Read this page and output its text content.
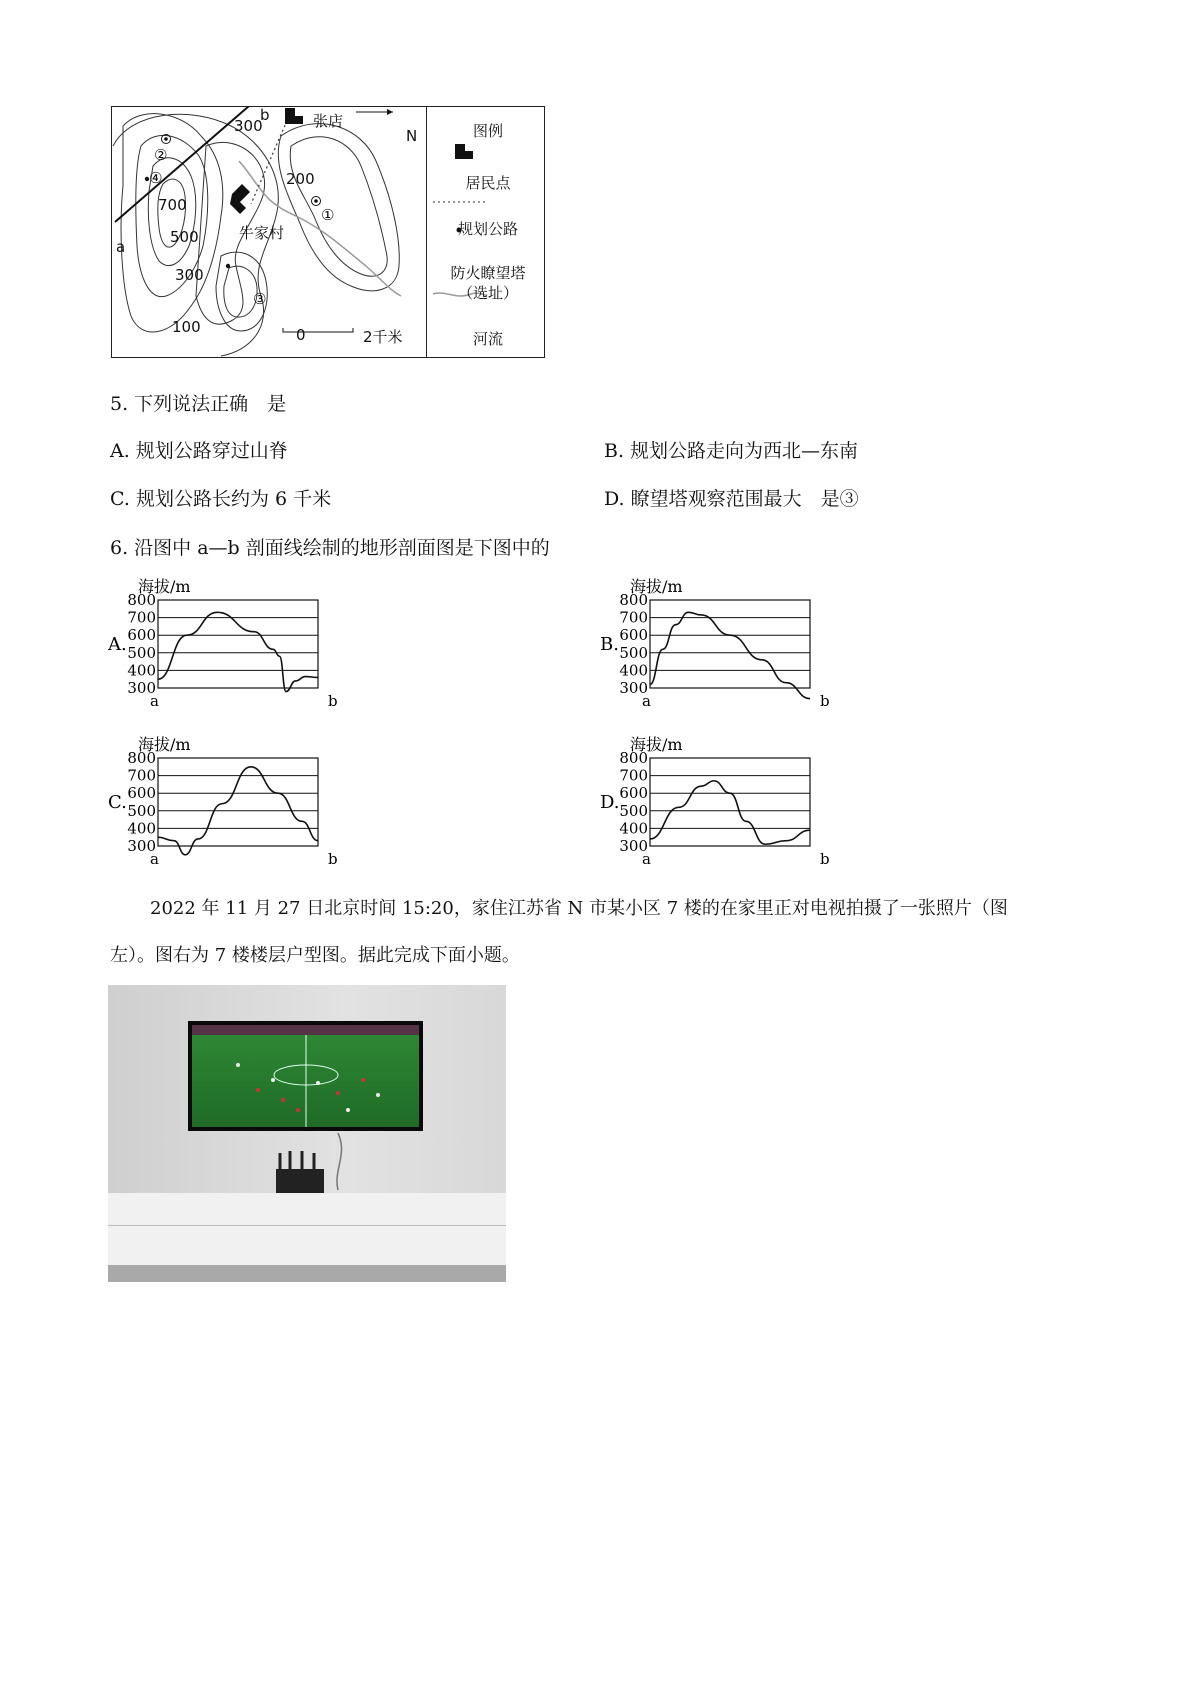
300
200
700
500
300
100
②
④
①
③
a
b	张店
牛家村
N
0	2千米
图例
居民点
规划公路
防火瞭望塔
（选址）
河流
5. 下列说法正确　是
A. 规划公路穿过山脊	B. 规划公路走向为西北—东南
C. 规划公路长约为 6 千米	D. 瞭望塔观察范围最大　是③
6. 沿图中 a—b 剖面线绘制的地形剖面图是下图中的
A.
海拔/m
800
700
600
500
400
300
a	b
B.
海拔/m
800
700
600
500
400
300
a	b
C.
海拔/m
800
700
600
500
400
300
a	b
D.
海拔/m
800
700
600
500
400
300
a	b
2022 年 11 月 27 日北京时间 15:20，家住江苏省 N 市某小区 7 楼的在家里正对电视拍摄了一张照片（图
左）。图右为 7 楼楼层户型图。据此完成下面小题。
